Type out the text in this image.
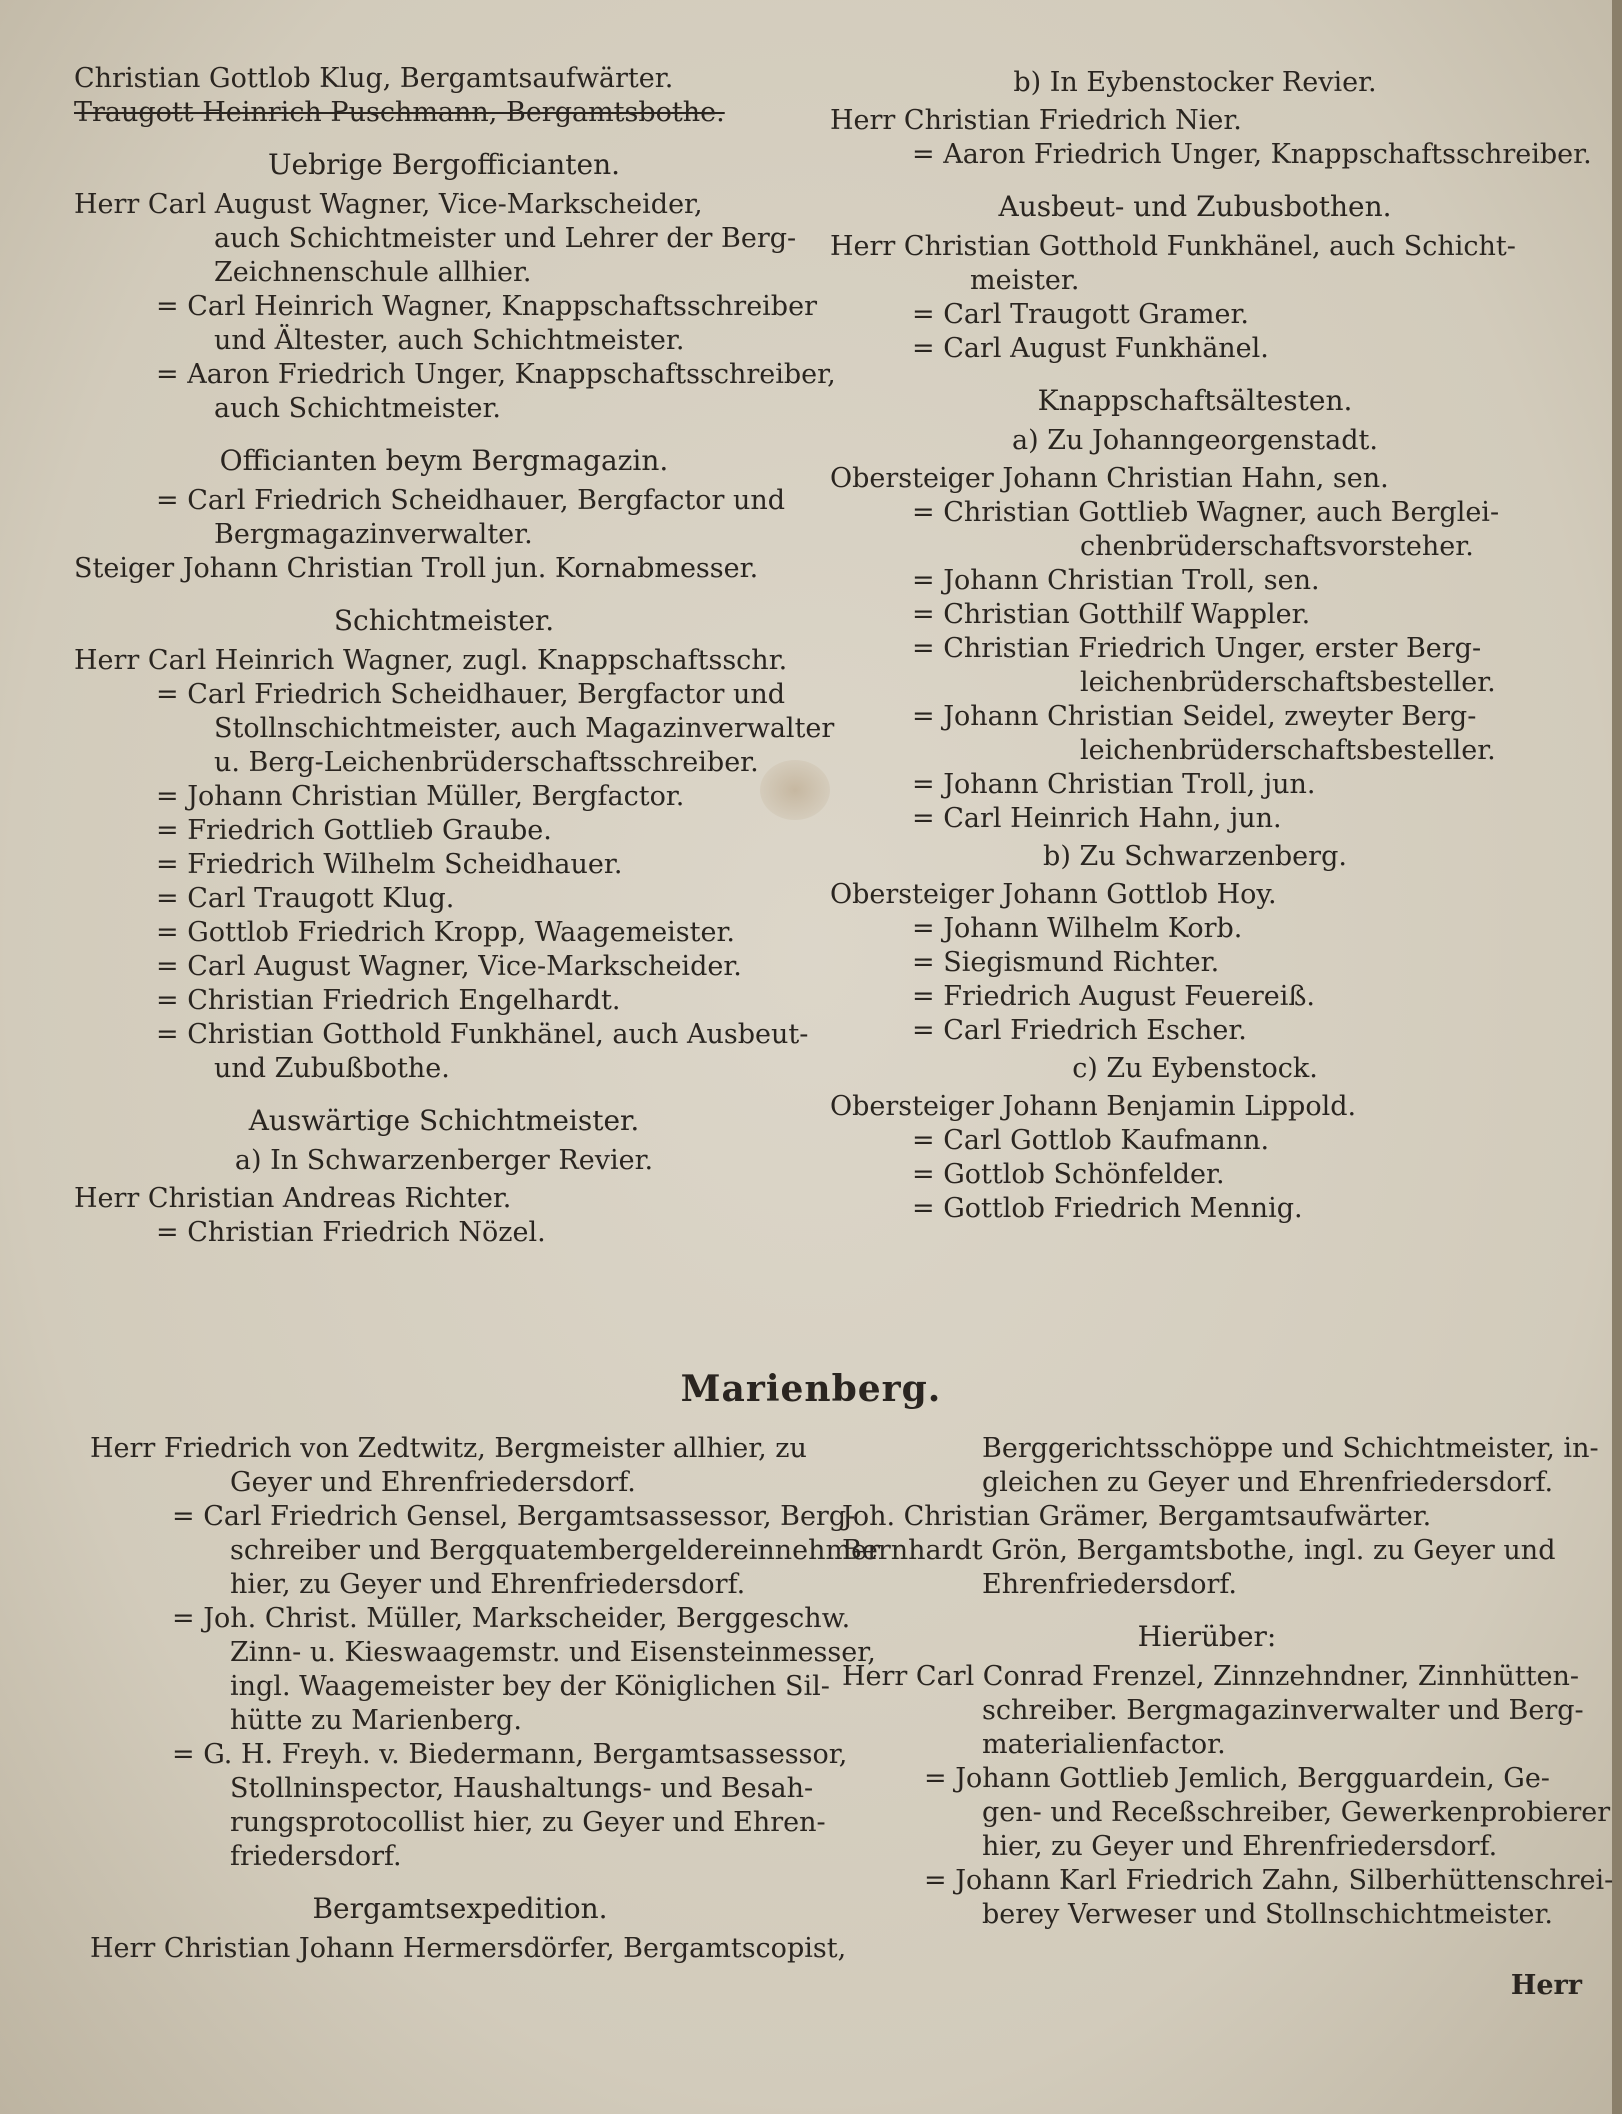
Christian Gottlob Klug, Bergamtsaufwärter.

Traugott Heinrich Puschmann, Bergamtsbothe.

Uebrige Bergofficianten.

Herr Carl August Wagner, Vice-Markscheider,

auch Schichtmeister und Lehrer der Berg-

Zeichnenschule allhier.

= Carl Heinrich Wagner, Knappschaftsschreiber

und Ältester, auch Schichtmeister.

= Aaron Friedrich Unger, Knappschaftsschreiber,

auch Schichtmeister.

Officianten beym Bergmagazin.

= Carl Friedrich Scheidhauer, Bergfactor und

Bergmagazinverwalter.

Steiger Johann Christian Troll jun. Kornabmesser.

Schichtmeister.

Herr Carl Heinrich Wagner, zugl. Knappschaftsschr.

= Carl Friedrich Scheidhauer, Bergfactor und

Stollnschichtmeister, auch Magazinverwalter

u. Berg-Leichenbrüderschaftsschreiber.

= Johann Christian Müller, Bergfactor.

= Friedrich Gottlieb Graube.

= Friedrich Wilhelm Scheidhauer.

= Carl Traugott Klug.

= Gottlob Friedrich Kropp, Waagemeister.

= Carl August Wagner, Vice-Markscheider.

= Christian Friedrich Engelhardt.

= Christian Gotthold Funkhänel, auch Ausbeut-

und Zubußbothe.

Auswärtige Schichtmeister.

a) In Schwarzenberger Revier.

Herr Christian Andreas Richter.

= Christian Friedrich Nözel.

b) In Eybenstocker Revier.

Herr Christian Friedrich Nier.

= Aaron Friedrich Unger, Knappschaftsschreiber.

Ausbeut- und Zubusbothen.

Herr Christian Gotthold Funkhänel, auch Schicht-

meister.

= Carl Traugott Gramer.

= Carl August Funkhänel.

Knappschaftsältesten.

a) Zu Johanngeorgenstadt.

Obersteiger Johann Christian Hahn, sen.

= Christian Gottlieb Wagner, auch Berglei-

chenbrüderschaftsvorsteher.

= Johann Christian Troll, sen.

= Christian Gotthilf Wappler.

= Christian Friedrich Unger, erster Berg-

leichenbrüderschaftsbesteller.

= Johann Christian Seidel, zweyter Berg-

leichenbrüderschaftsbesteller.

= Johann Christian Troll, jun.

= Carl Heinrich Hahn, jun.

b) Zu Schwarzenberg.

Obersteiger Johann Gottlob Hoy.

= Johann Wilhelm Korb.

= Siegismund Richter.

= Friedrich August Feuereiß.

= Carl Friedrich Escher.

c) Zu Eybenstock.

Obersteiger Johann Benjamin Lippold.

= Carl Gottlob Kaufmann.

= Gottlob Schönfelder.

= Gottlob Friedrich Mennig.

Marienberg.

Herr Friedrich von Zedtwitz, Bergmeister allhier, zu

Geyer und Ehrenfriedersdorf.

= Carl Friedrich Gensel, Bergamtsassessor, Berg-

schreiber und Bergquatembergeldereinnehmer

hier, zu Geyer und Ehrenfriedersdorf.

= Joh. Christ. Müller, Markscheider, Berggeschw.

Zinn- u. Kieswaagemstr. und Eisensteinmesser,

ingl. Waagemeister bey der Königlichen Sil-

hütte zu Marienberg.

= G. H. Freyh. v. Biedermann, Bergamtsassessor,

Stollninspector, Haushaltungs- und Besah-

rungsprotocollist hier, zu Geyer und Ehren-

friedersdorf.

Bergamtsexpedition.

Herr Christian Johann Hermersdörfer, Bergamtscopist,

Berggerichtsschöppe und Schichtmeister, in-

gleichen zu Geyer und Ehrenfriedersdorf.

Joh. Christian Grämer, Bergamtsaufwärter.

Bernhardt Grön, Bergamtsbothe, ingl. zu Geyer und

Ehrenfriedersdorf.

Hierüber:

Herr Carl Conrad Frenzel, Zinnzehndner, Zinnhütten-

schreiber. Bergmagazinverwalter und Berg-

materialienfactor.

= Johann Gottlieb Jemlich, Bergguardein, Ge-

gen- und Receßschreiber, Gewerkenprobierer

hier, zu Geyer und Ehrenfriedersdorf.

= Johann Karl Friedrich Zahn, Silberhüttenschrei-

berey Verweser und Stollnschichtmeister.

Herr
